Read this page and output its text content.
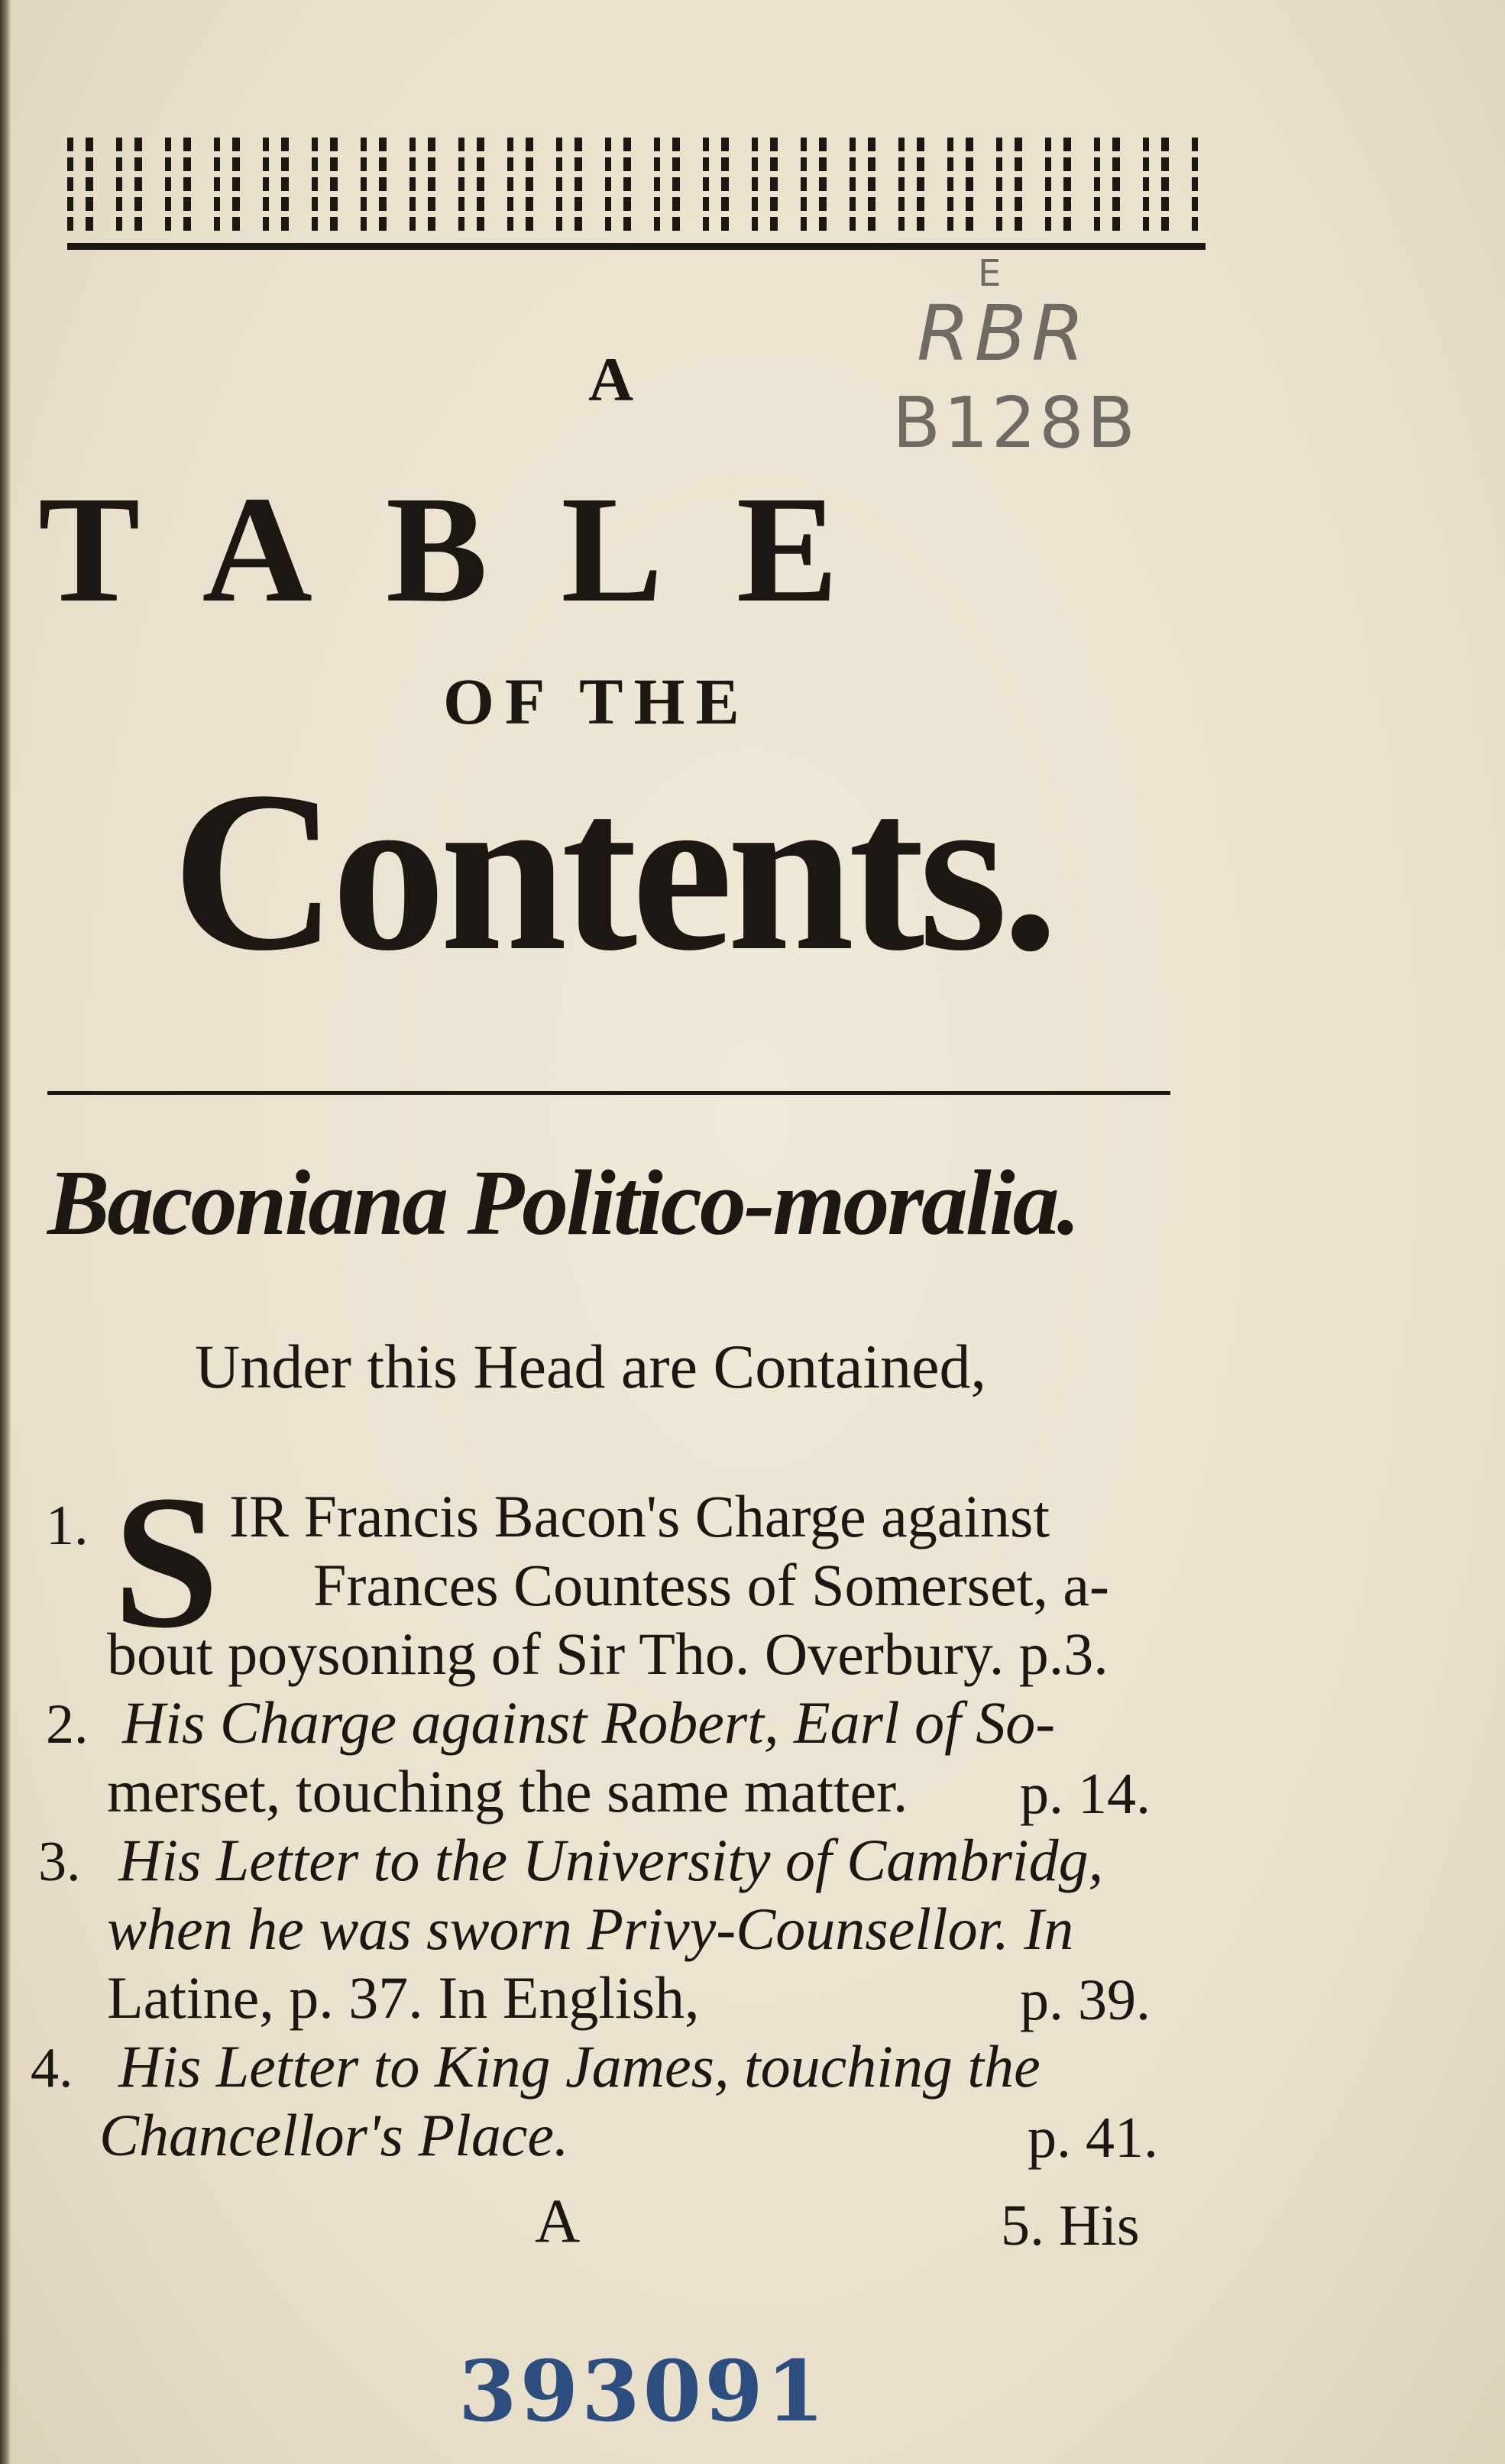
E
RBR
B128B
A
TABLE
OF THE
Contents.
Baconiana Politico-moralia.
Under this Head are Contained,
1. S IR Francis Bacon's Charge against
Frances Countess of Somerset, a-
bout poysoning of Sir Tho. Overbury. p.3.
2. His Charge against Robert, Earl of So-
merset, touching the same matter. p. 14.
3. His Letter to the University of Cambridg,
when he was sworn Privy-Counsellor. In
Latine, p. 37. In English,	p. 39.
4. His Letter to King James, touching the
Chancellor's Place.	p. 41.
A	5. His
393091
